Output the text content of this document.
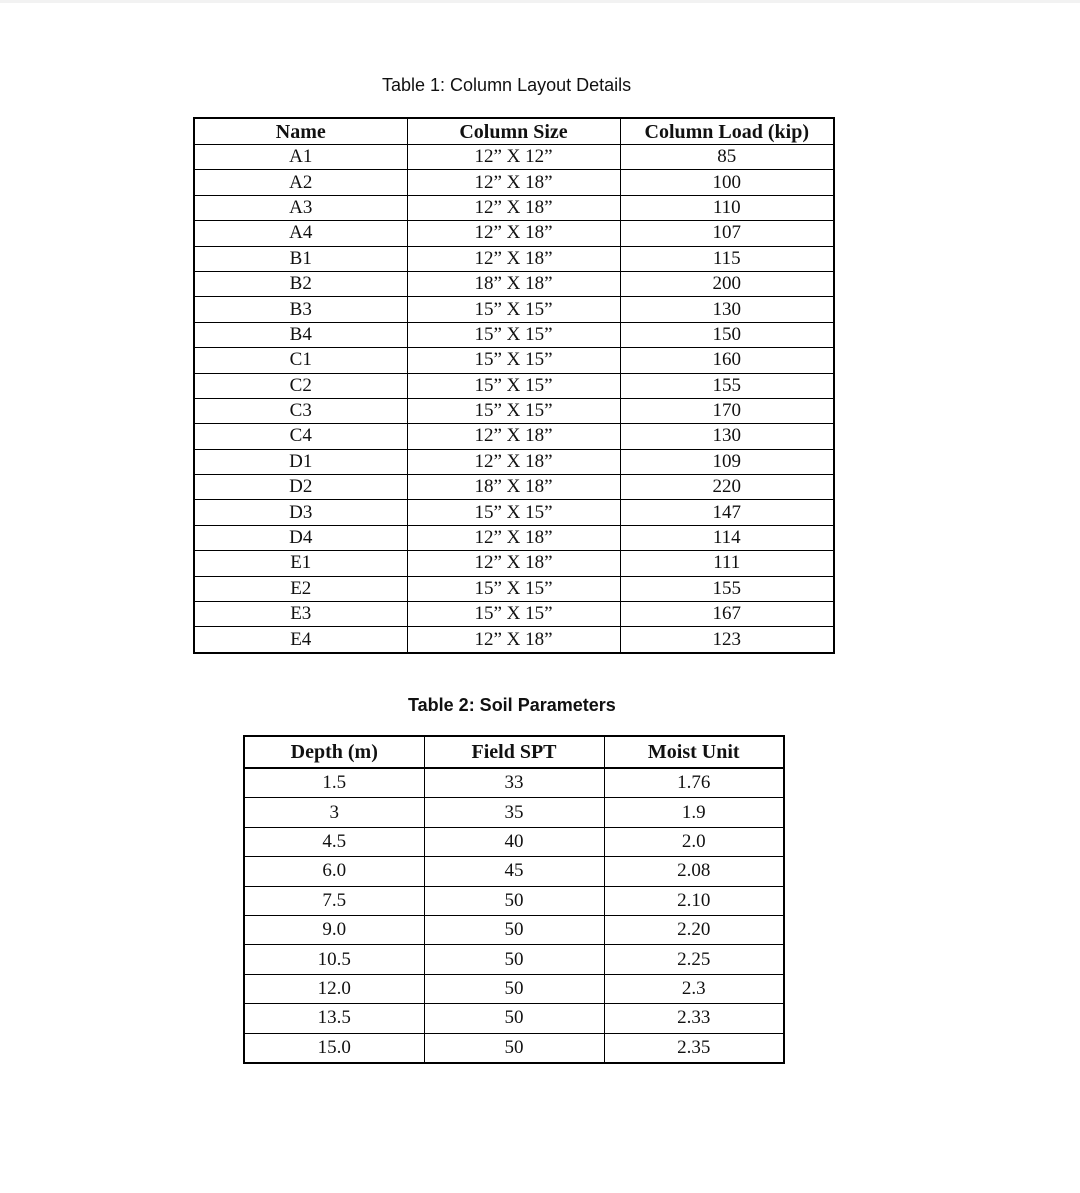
Table 1: Column Layout Details
Name	Column Size	Column Load (kip)
A1	12” X 12”	85
A2	12” X 18”	100
A3	12” X 18”	110
A4	12” X 18”	107
B1	12” X 18”	115
B2	18” X 18”	200
B3	15” X 15”	130
B4	15” X 15”	150
C1	15” X 15”	160
C2	15” X 15”	155
C3	15” X 15”	170
C4	12” X 18”	130
D1	12” X 18”	109
D2	18” X 18”	220
D3	15” X 15”	147
D4	12” X 18”	114
E1	12” X 18”	111
E2	15” X 15”	155
E3	15” X 15”	167
E4	12” X 18”	123
Table 2: Soil Parameters
Depth (m)	Field SPT	Moist Unit
1.5	33	1.76
3	35	1.9
4.5	40	2.0
6.0	45	2.08
7.5	50	2.10
9.0	50	2.20
10.5	50	2.25
12.0	50	2.3
13.5	50	2.33
15.0	50	2.35
